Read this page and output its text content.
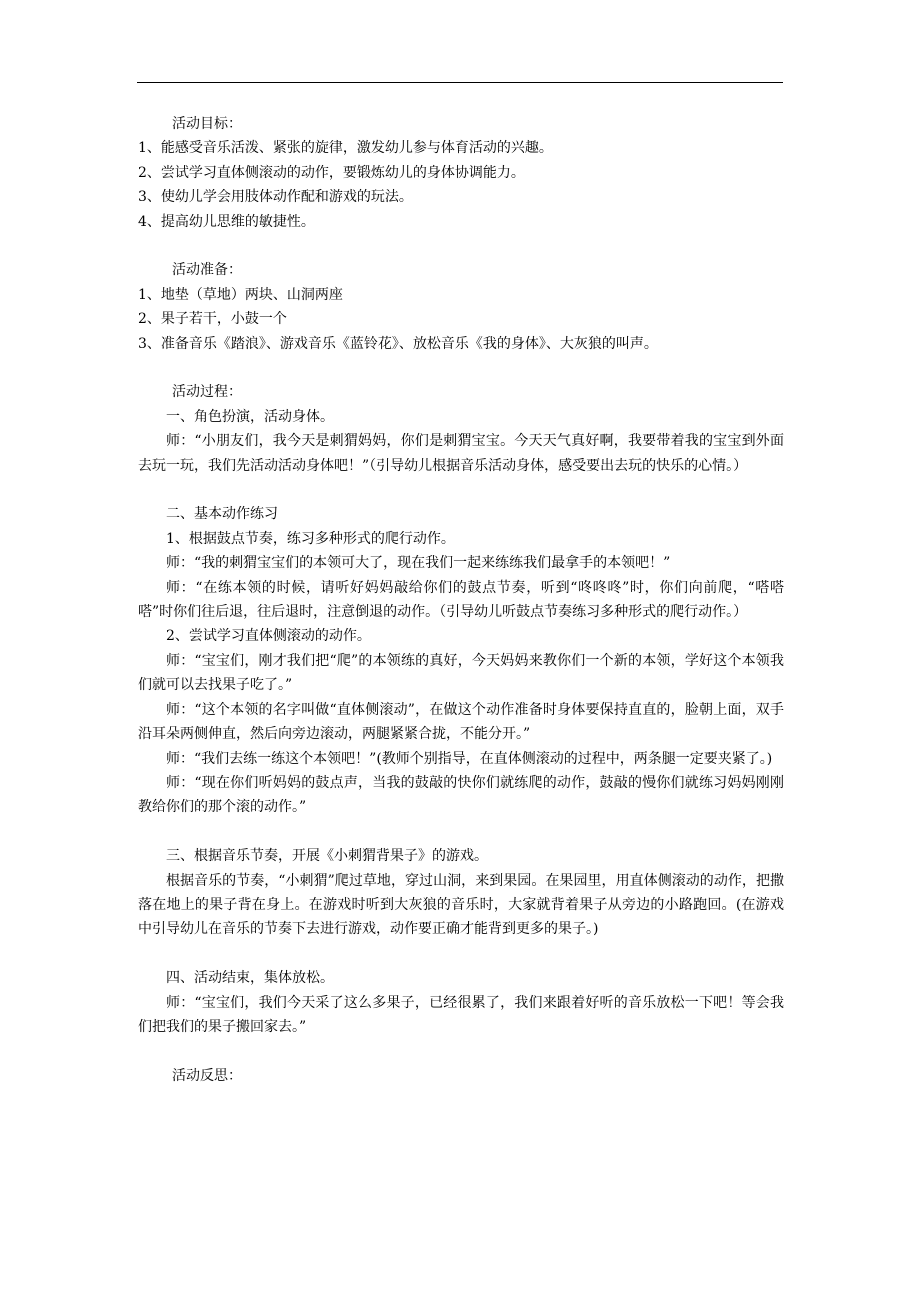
活动目标：

1、能感受音乐活泼、紧张的旋律，激发幼儿参与体育活动的兴趣。

2、尝试学习直体侧滚动的动作，要锻炼幼儿的身体协调能力。

3、使幼儿学会用肢体动作配和游戏的玩法。

4、提高幼儿思维的敏捷性。

活动准备：

1、地垫（草地）两块、山洞两座

2、果子若干，小鼓一个

3、准备音乐《踏浪》、游戏音乐《蓝铃花》、放松音乐《我的身体》、大灰狼的叫声。

活动过程：

一、角色扮演，活动身体。

师：“小朋友们，我今天是刺猬妈妈，你们是刺猬宝宝。今天天气真好啊，我要带着我的宝宝到外面去玩一玩，我们先活动活动身体吧！”（引导幼儿根据音乐活动身体，感受要出去玩的快乐的心情。）

二、基本动作练习

1、根据鼓点节奏，练习多种形式的爬行动作。

师：“我的刺猬宝宝们的本领可大了，现在我们一起来练练我们最拿手的本领吧！”

师：“在练本领的时候，请听好妈妈敲给你们的鼓点节奏，听到“咚咚咚”时，你们向前爬，“嗒嗒嗒”时你们往后退，往后退时，注意倒退的动作。（引导幼儿听鼓点节奏练习多种形式的爬行动作。）

2、尝试学习直体侧滚动的动作。

师：“宝宝们，刚才我们把“爬”的本领练的真好，今天妈妈来教你们一个新的本领，学好这个本领我们就可以去找果子吃了。”

师：“这个本领的名字叫做“直体侧滚动”，在做这个动作准备时身体要保持直直的，脸朝上面，双手沿耳朵两侧伸直，然后向旁边滚动，两腿紧紧合拢，不能分开。”

师：“我们去练一练这个本领吧！”(教师个别指导，在直体侧滚动的过程中，两条腿一定要夹紧了。)

师：“现在你们听妈妈的鼓点声，当我的鼓敲的快你们就练爬的动作，鼓敲的慢你们就练习妈妈刚刚教给你们的那个滚的动作。”

三、根据音乐节奏，开展《小刺猬背果子》的游戏。

根据音乐的节奏，“小刺猬”爬过草地，穿过山洞，来到果园。在果园里，用直体侧滚动的动作，把撒落在地上的果子背在身上。在游戏时听到大灰狼的音乐时，大家就背着果子从旁边的小路跑回。(在游戏中引导幼儿在音乐的节奏下去进行游戏，动作要正确才能背到更多的果子。)

四、活动结束，集体放松。

师：“宝宝们，我们今天采了这么多果子，已经很累了，我们来跟着好听的音乐放松一下吧！等会我们把我们的果子搬回家去。”

活动反思：
